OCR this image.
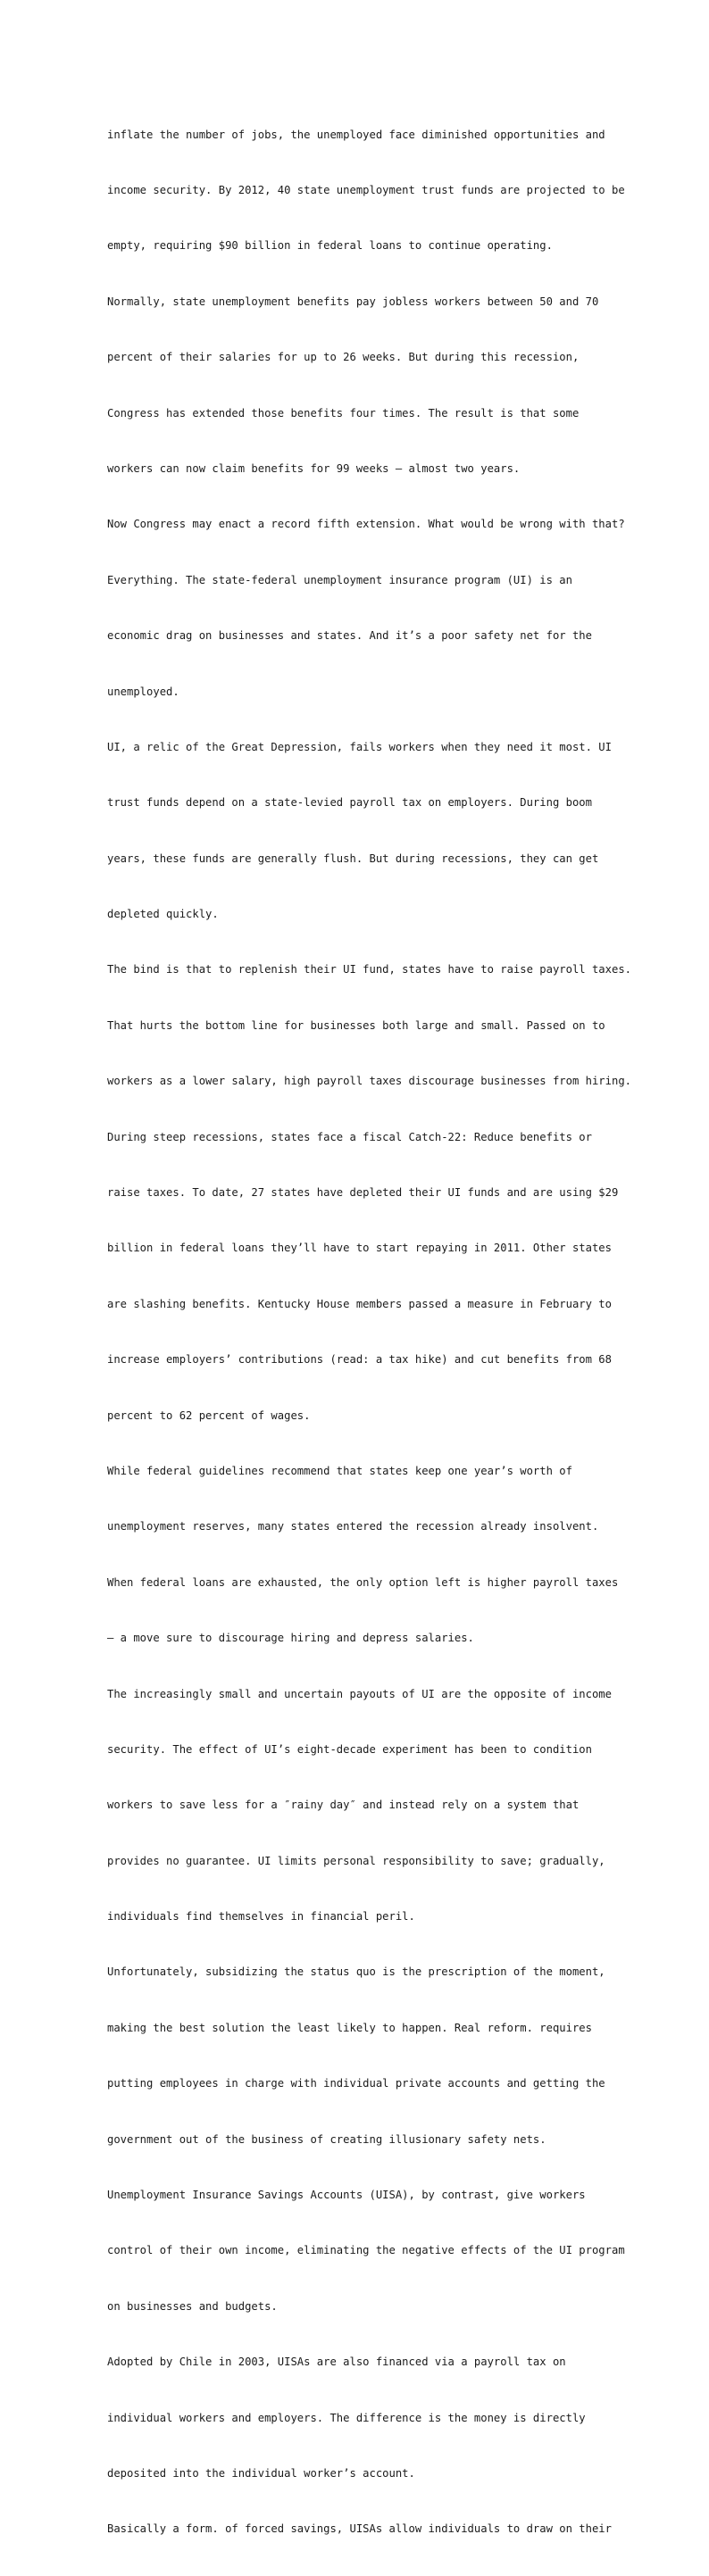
inflate the number of jobs, the unemployed face diminished opportunities and

income security. By 2012, 40 state unemployment trust funds are projected to be

empty, requiring $90 billion in federal loans to continue operating.

Normally, state unemployment benefits pay jobless workers between 50 and 70

percent of their salaries for up to 26 weeks. But during this recession,

Congress has extended those benefits four times. The result is that some

workers can now claim benefits for 99 weeks — almost two years.

Now Congress may enact a record fifth extension. What would be wrong with that?

Everything. The state-federal unemployment insurance program (UI) is an

economic drag on businesses and states. And it’s a poor safety net for the

unemployed.

UI, a relic of the Great Depression, fails workers when they need it most. UI

trust funds depend on a state-levied payroll tax on employers. During boom

years, these funds are generally flush. But during recessions, they can get

depleted quickly.

The bind is that to replenish their UI fund, states have to raise payroll taxes.

That hurts the bottom line for businesses both large and small. Passed on to

workers as a lower salary, high payroll taxes discourage businesses from hiring.

During steep recessions, states face a fiscal Catch-22: Reduce benefits or

raise taxes. To date, 27 states have depleted their UI funds and are using $29

billion in federal loans they’ll have to start repaying in 2011. Other states

are slashing benefits. Kentucky House members passed a measure in February to

increase employers’ contributions (read: a tax hike) and cut benefits from 68

percent to 62 percent of wages.

While federal guidelines recommend that states keep one year’s worth of

unemployment reserves, many states entered the recession already insolvent.

When federal loans are exhausted, the only option left is higher payroll taxes

— a move sure to discourage hiring and depress salaries.

The increasingly small and uncertain payouts of UI are the opposite of income

security. The effect of UI’s eight-decade experiment has been to condition

workers to save less for a ″rainy day″ and instead rely on a system that

provides no guarantee. UI limits personal responsibility to save; gradually,

individuals find themselves in financial peril.

Unfortunately, subsidizing the status quo is the prescription of the moment,

making the best solution the least likely to happen. Real reform. requires

putting employees in charge with individual private accounts and getting the

government out of the business of creating illusionary safety nets.

Unemployment Insurance Savings Accounts (UISA), by contrast, give workers

control of their own income, eliminating the negative effects of the UI program

on businesses and budgets.

Adopted by Chile in 2003, UISAs are also financed via a payroll tax on

individual workers and employers. The difference is the money is directly

deposited into the individual worker’s account.

Basically a form. of forced savings, UISAs allow individuals to draw on their
